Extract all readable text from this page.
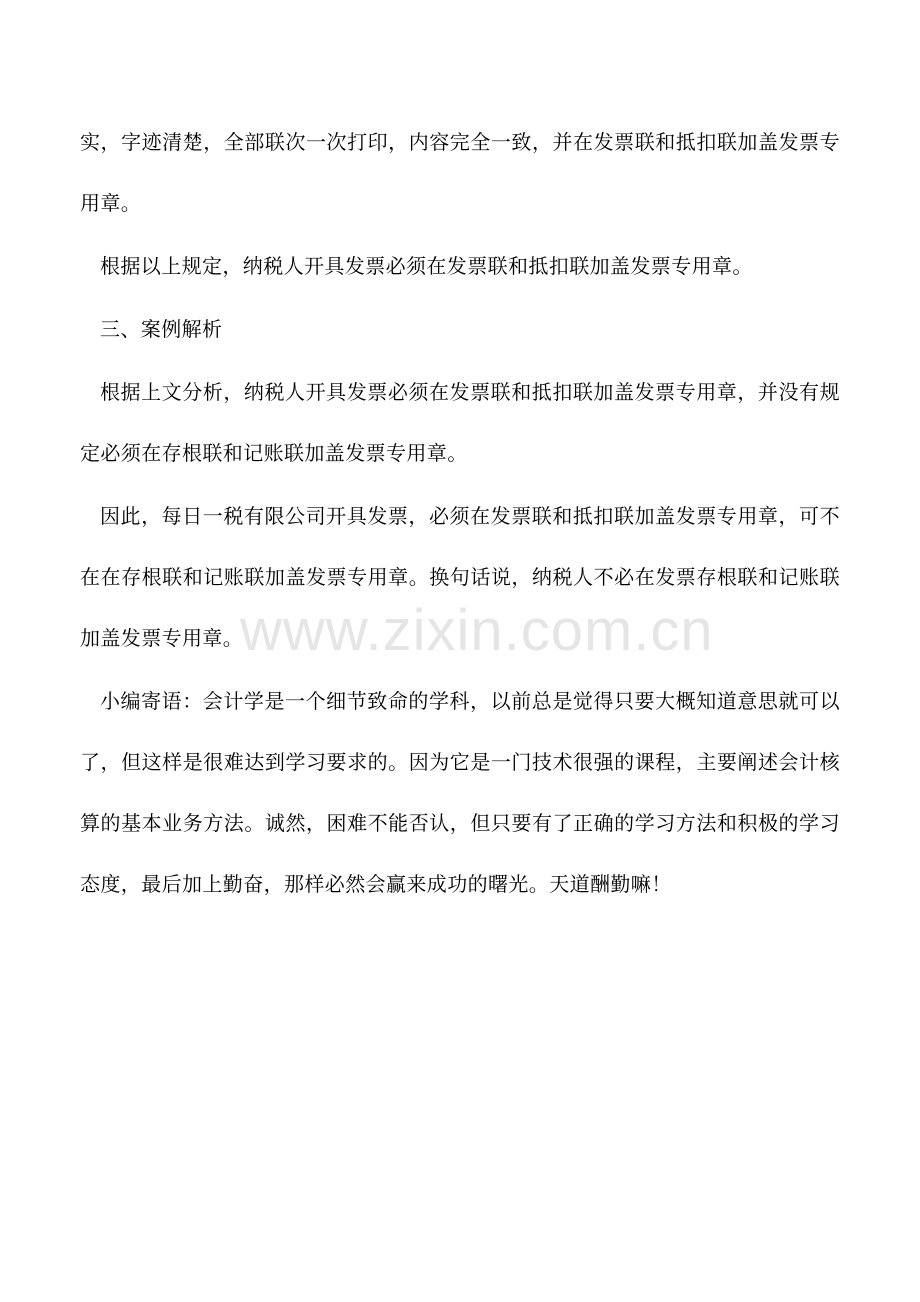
实，字迹清楚，全部联次一次打印，内容完全一致，并在发票联和抵扣联加盖发票专用章。

根据以上规定，纳税人开具发票必须在发票联和抵扣联加盖发票专用章。

三、案例解析

根据上文分析，纳税人开具发票必须在发票联和抵扣联加盖发票专用章，并没有规定必须在存根联和记账联加盖发票专用章。

因此，每日一税有限公司开具发票，必须在发票联和抵扣联加盖发票专用章，可不在在存根联和记账联加盖发票专用章。换句话说，纳税人不必在发票存根联和记账联加盖发票专用章。

小编寄语：会计学是一个细节致命的学科，以前总是觉得只要大概知道意思就可以了，但这样是很难达到学习要求的。因为它是一门技术很强的课程，主要阐述会计核算的基本业务方法。诚然，困难不能否认，但只要有了正确的学习方法和积极的学习态度，最后加上勤奋，那样必然会赢来成功的曙光。天道酬勤嘛！

www.zixin.com.cn
